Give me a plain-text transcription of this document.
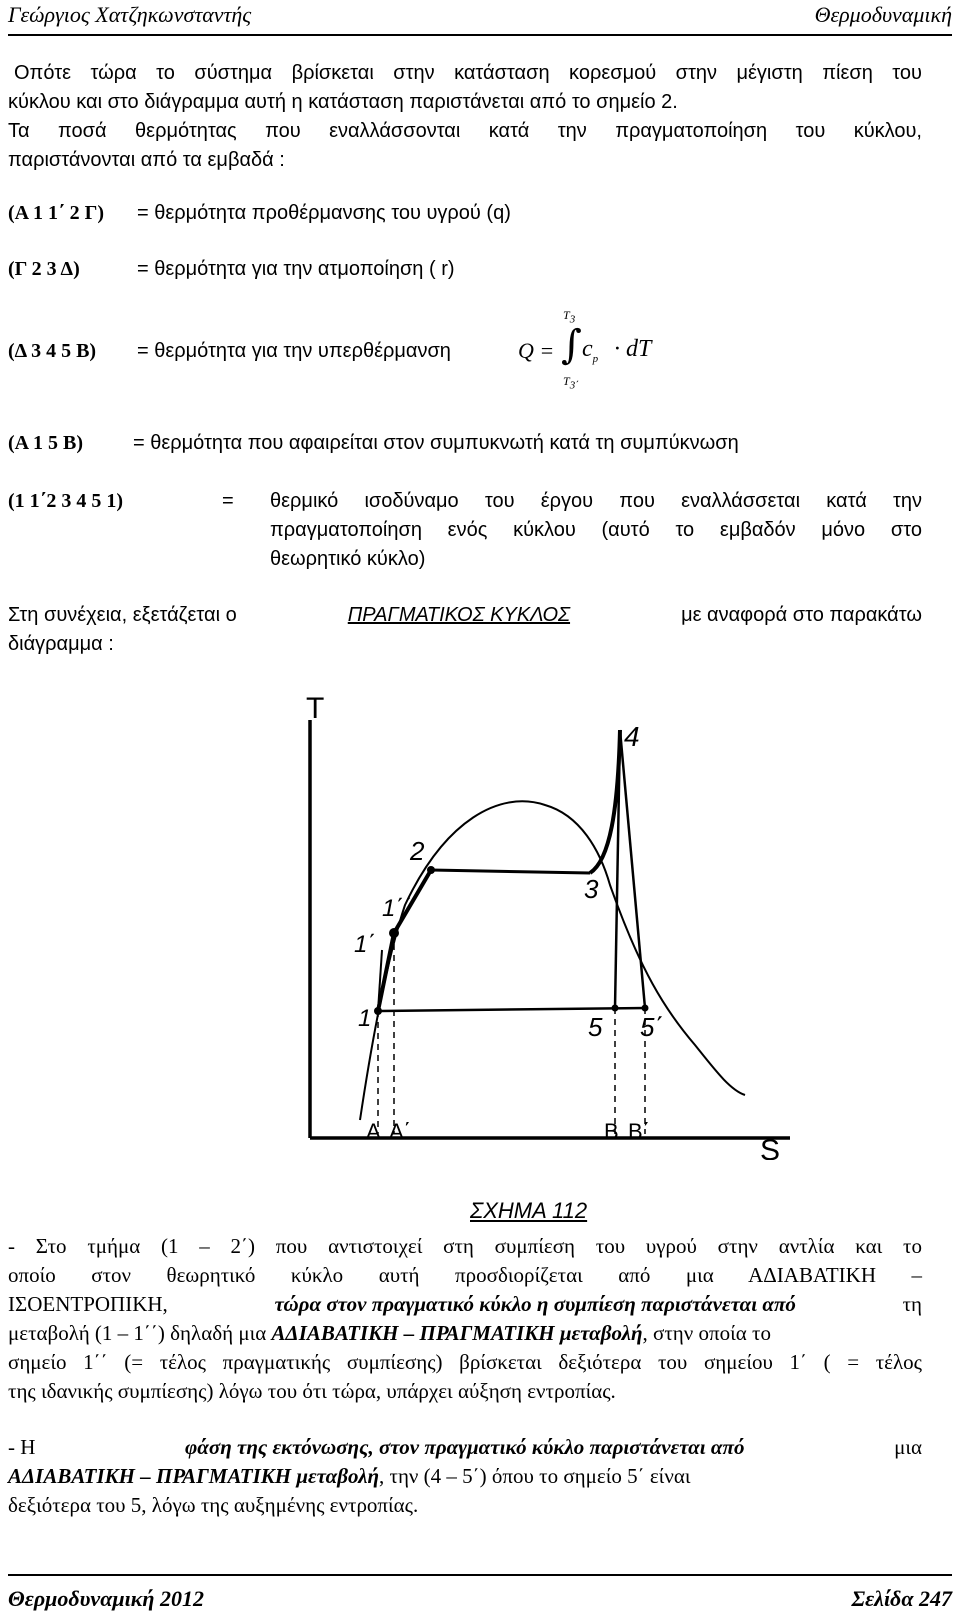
Γεώργιος Χατζηκωνσταντής	Θερμοδυναμική
Οπότε τώρα το σύστημα βρίσκεται στην κατάσταση κορεσμού στην μέγιστη πίεση του
κύκλου και στο διάγραμμα αυτή η κατάσταση παριστάνεται από το σημείο 2.
Τα ποσά θερμότητας που εναλλάσσονται κατά την πραγματοποίηση του κύκλου,
παριστάνονται από τα εμβαδά :
(Α 1 1΄ 2 Γ) = θερμότητα προθέρμανσης του υγρού (q)
(Γ 2 3 Δ)	= θερμότητα για την ατμοποίηση ( r)
(Δ 3 4 5 Β) = θερμότητα για την υπερθέρμανση	Q = ∫
$T_3$
$T_{3΄}$
$c_p$ · dT
(Α 1 5 Β)	= θερμότητα που αφαιρείται στον συμπυκνωτή κατά τη συμπύκνωση
(1 1΄2 3 4 5 1)	= θερμικό ισοδύναμο του έργου που εναλλάσσεται κατά την
πραγματοποίηση ενός κύκλου (αυτό το εμβαδόν μόνο στο
θεωρητικό κύκλο)
Στη συνέχεια, εξετάζεται ο	ΠΡΑΓΜΑΤΙΚΟΣ ΚΥΚΛΟΣ	με αναφορά στο παρακάτω
διάγραμμα :
T
S
1
1΄
1΄΄
2
3
4
5 5΄
A A΄	B B΄
ΣΧΗΜΑ 112
- Στο τμήμα (1 – 2΄) που αντιστοιχεί στη συμπίεση του υγρού στην αντλία και το
οποίο στον θεωρητικό κύκλο αυτή προσδιορίζεται από μια ΑΔΙΑΒΑΤΙΚΗ –
ΙΣΟΕΝΤΡΟΠΙΚΗ,	τώρα στον πραγματικό κύκλο η συμπίεση παριστάνεται από	τη
μεταβολή (1 – 1΄΄) δηλαδή μια ΑΔΙΑΒΑΤΙΚΗ – ΠΡΑΓΜΑΤΙΚΗ μεταβολή, στην οποία το
σημείο 1΄΄ (= τέλος πραγματικής συμπίεσης) βρίσκεται δεξιότερα του σημείου 1΄ ( = τέλος
της ιδανικής συμπίεσης) λόγω του ότι τώρα, υπάρχει αύξηση εντροπίας.
- Η	φάση της εκτόνωσης, στον πραγματικό κύκλο παριστάνεται από	μια
ΑΔΙΑΒΑΤΙΚΗ – ΠΡΑΓΜΑΤΙΚΗ μεταβολή, την (4 – 5΄) όπου το σημείο 5΄ είναι
δεξιότερα του 5, λόγω της αυξημένης εντροπίας.
Θερμοδυναμική 2012	Σελίδα 247
